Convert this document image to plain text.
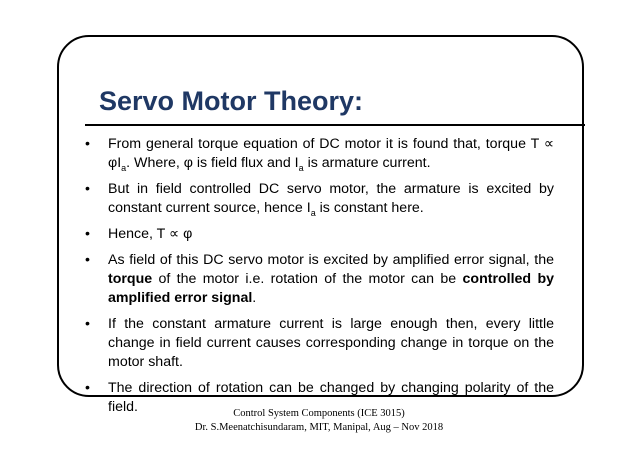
Servo Motor Theory:
• From general torque equation of DC motor it is found that, torque $T \propto \varphi I_a$. Where, φ is field flux and $I_a$ is armature current.
• But in field controlled DC servo motor, the armature is excited by constant current source, hence $I_a$ is constant here.
• Hence, T ∝ φ
• As field of this DC servo motor is excited by amplified error signal, the torque of the motor i.e. rotation of the motor can be controlled by amplified error signal.
• If the constant armature current is large enough then, every little change in field current causes corresponding change in torque on the motor shaft.
• The direction of rotation can be changed by changing polarity of the field.	Control System Components (ICE 3015)
Dr. S.Meenatchisundaram, MIT, Manipal, Aug – Nov 2018
